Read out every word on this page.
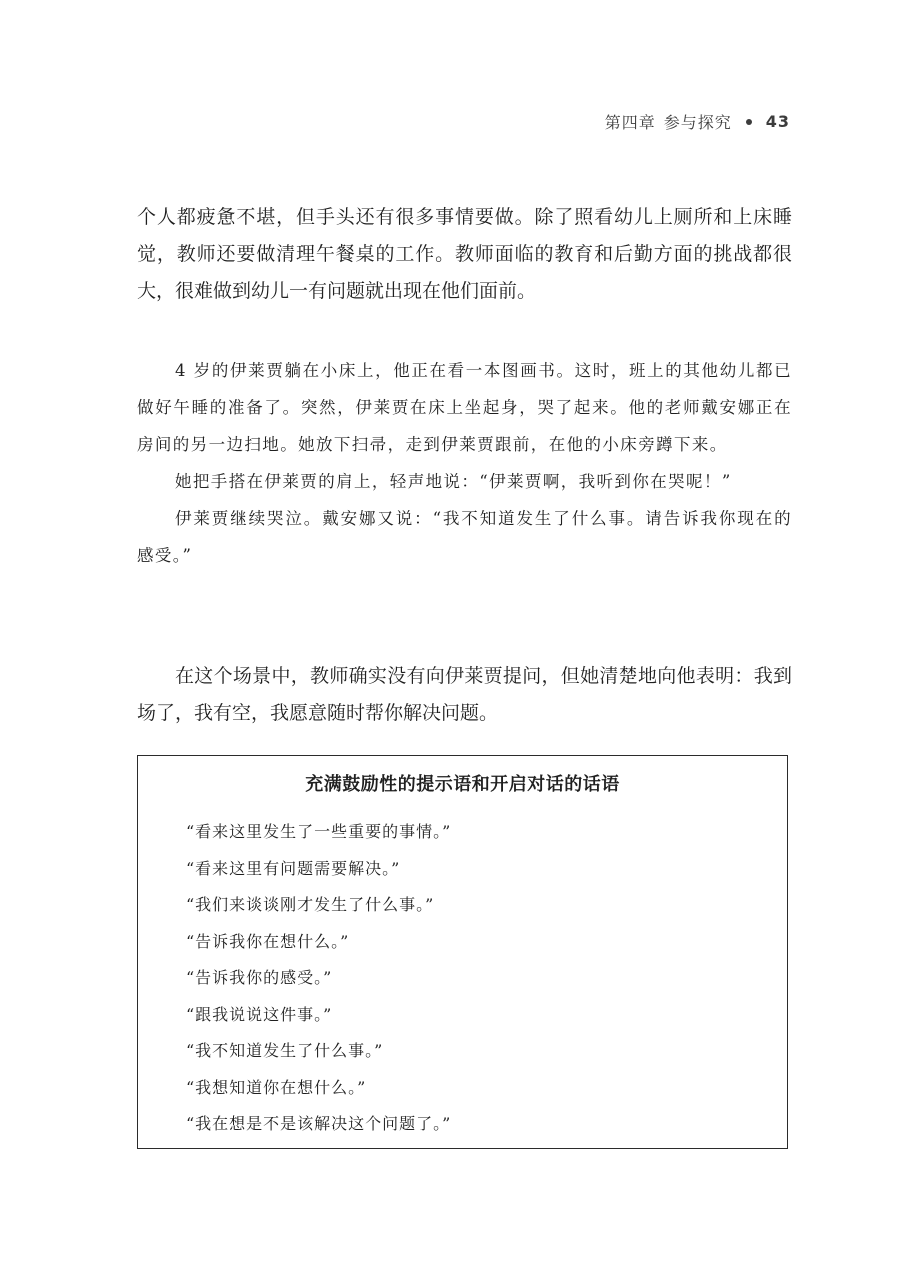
第四章 参与探究 43
个人都疲惫不堪，但手头还有很多事情要做。除了照看幼儿上厕所和上床睡觉，教师还要做清理午餐桌的工作。教师面临的教育和后勤方面的挑战都很大，很难做到幼儿一有问题就出现在他们面前。

4 岁的伊莱贾躺在小床上，他正在看一本图画书。这时，班上的其他幼儿都已做好午睡的准备了。突然，伊莱贾在床上坐起身，哭了起来。他的老师戴安娜正在房间的另一边扫地。她放下扫帚，走到伊莱贾跟前，在他的小床旁蹲下来。

她把手搭在伊莱贾的肩上，轻声地说：“伊莱贾啊，我听到你在哭呢！”

伊莱贾继续哭泣。戴安娜又说：“我不知道发生了什么事。请告诉我你现在的感受。”

在这个场景中，教师确实没有向伊莱贾提问，但她清楚地向他表明：我到场了，我有空，我愿意随时帮你解决问题。
充满鼓励性的提示语和开启对话的话语
“看来这里发生了一些重要的事情。”
“看来这里有问题需要解决。”
“我们来谈谈刚才发生了什么事。”
“告诉我你在想什么。”
“告诉我你的感受。”
“跟我说说这件事。”
“我不知道发生了什么事。”
“我想知道你在想什么。”
“我在想是不是该解决这个问题了。”
